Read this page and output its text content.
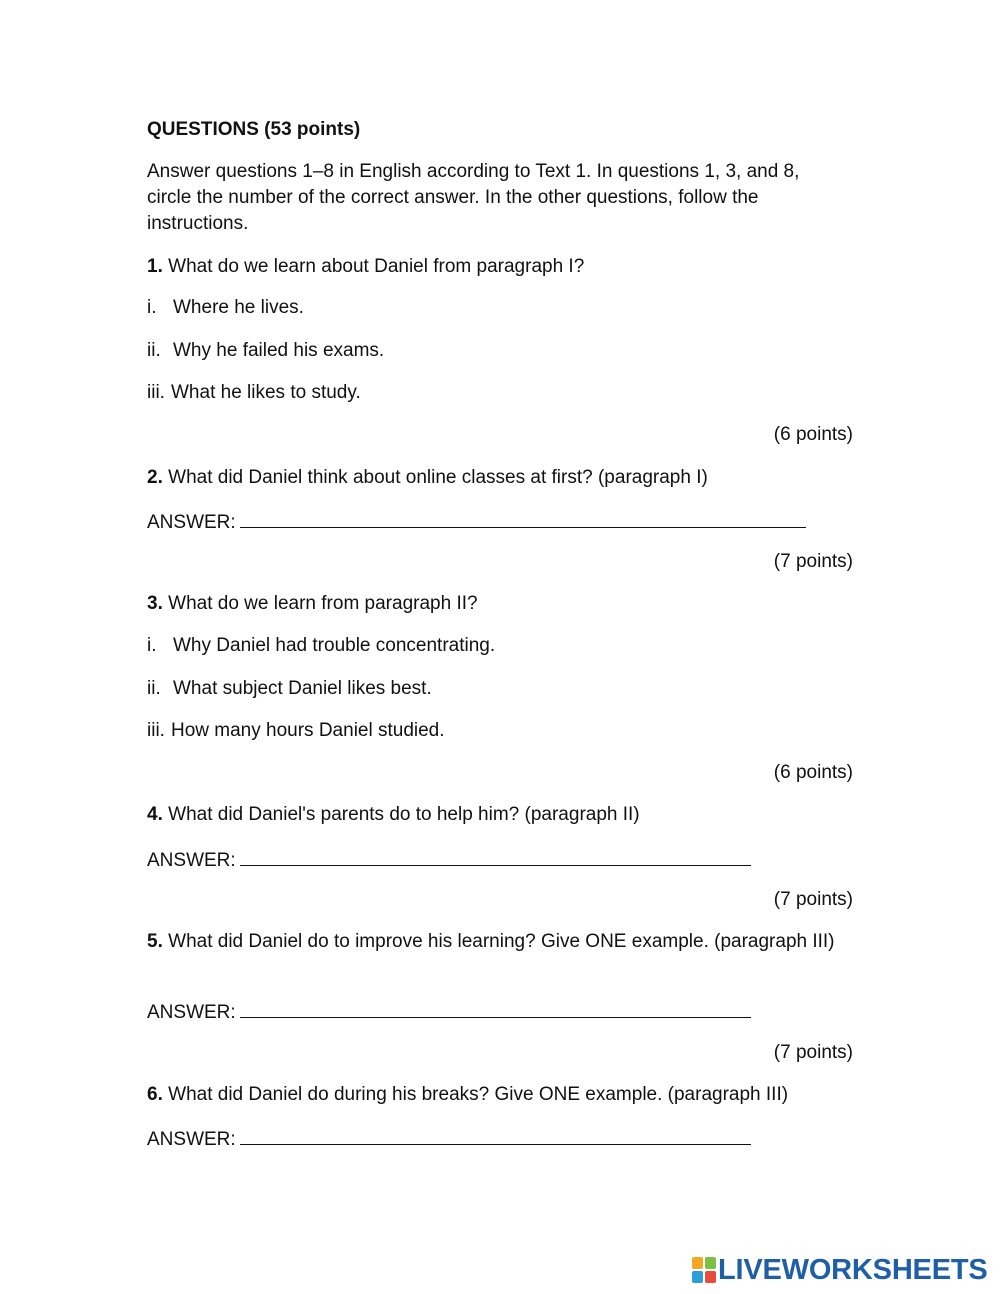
QUESTIONS (53 points)
Answer questions 1–8 in English according to Text 1. In questions 1, 3, and 8, circle the number of the correct answer. In the other questions, follow the instructions.
1. What do we learn about Daniel from paragraph I?
i. Where he lives.
ii. Why he failed his exams.
iii. What he likes to study.
(6 points)
2. What did Daniel think about online classes at first? (paragraph I)
ANSWER:
(7 points)
3. What do we learn from paragraph II?
i. Why Daniel had trouble concentrating.
ii. What subject Daniel likes best.
iii. How many hours Daniel studied.
(6 points)
4. What did Daniel's parents do to help him? (paragraph II)
ANSWER:
(7 points)
5. What did Daniel do to improve his learning? Give ONE example. (paragraph III)
ANSWER:
(7 points)
6. What did Daniel do during his breaks? Give ONE example. (paragraph III)
ANSWER:
LIVEWORKSHEETS
